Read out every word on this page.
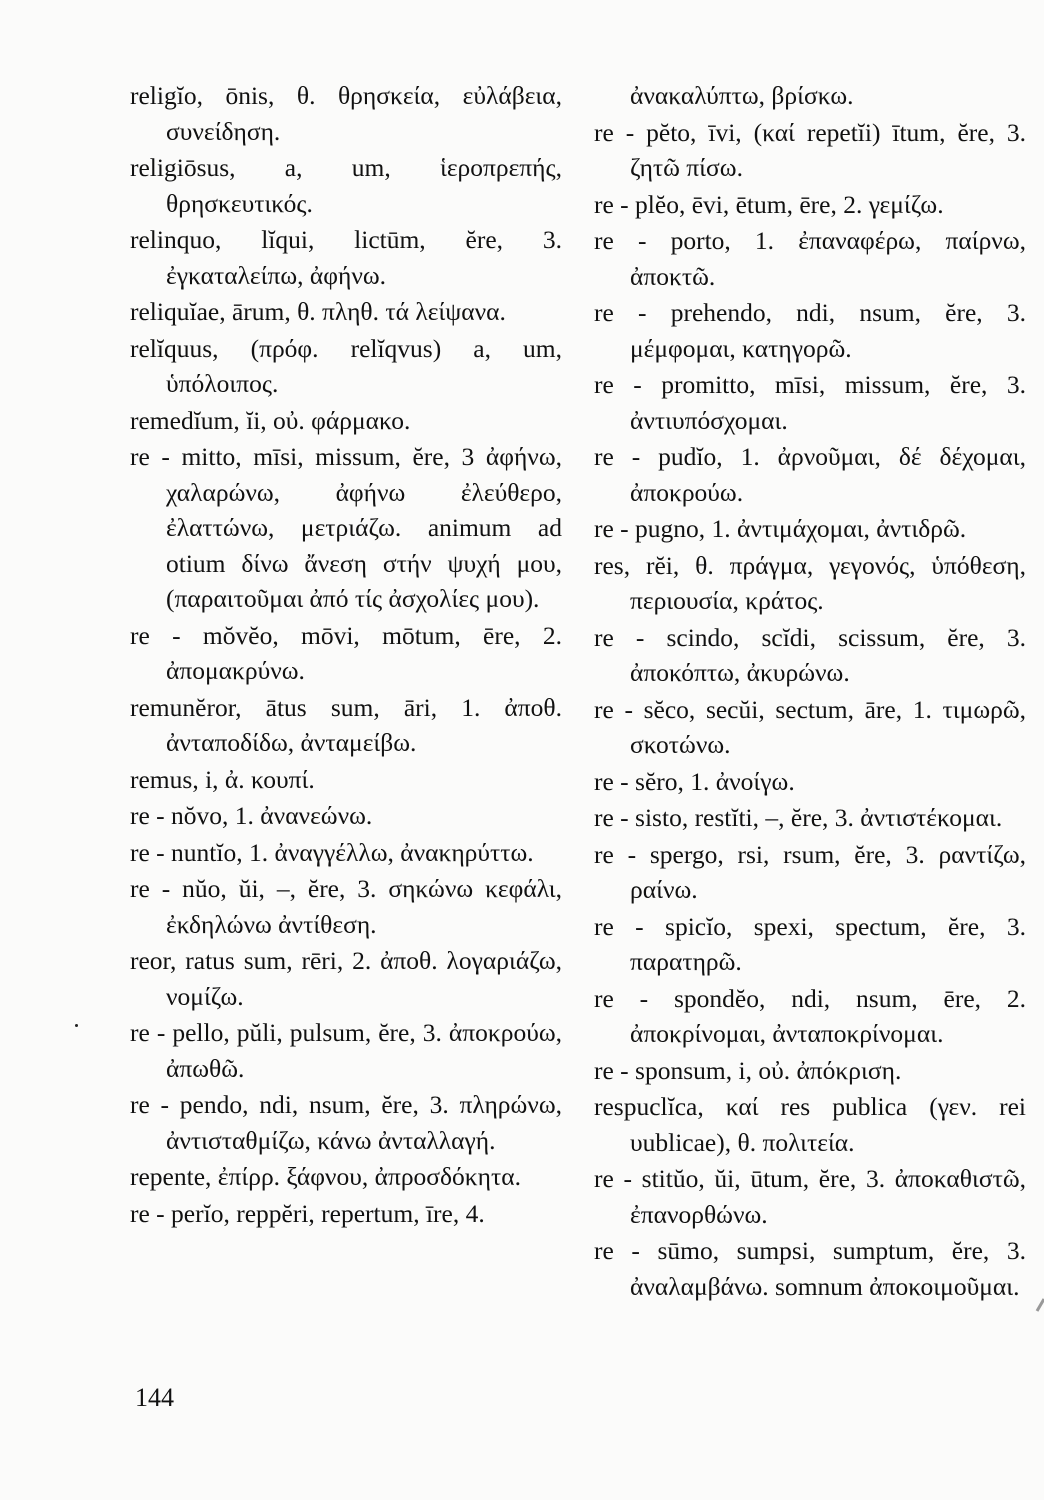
religĭo, ōnis, θ. θρησκεία, εὐλάβεια, συνείδηση.

religiōsus, a, um, ἱεροπρεπής, θρησκευτικός.

relinquo, lĭqui, lictūm, ĕre, 3. ἐγκαταλείπω, ἀφήνω.

reliquĭae, ārum, θ. πληθ. τά λείψανα.

relĭquus, (πρόφ. relĭqvus) a, um, ὑπόλοιπος.

remedĭum, ĭi, οὐ. φάρμακο.

re - mitto, mīsi, missum, ĕre, 3 ἀφήνω, χαλαρώνω, ἀφήνω ἐλεύθερο, ἐλαττώνω, μετριάζω. animum ad otium δίνω ἄνεση στήν ψυχή μου, (παραιτοῦμαι ἀπό τίς ἀσχολίες μου).

re - mŏvĕo, mōvi, mōtum, ēre, 2. ἀπομακρύνω.

remunĕror, ātus sum, āri, 1. ἀποθ. ἀνταποδίδω, ἀνταμείβω.

remus, i, ἀ. κουπί.

re - nŏvo, 1. ἀνανεώνω.

re - nuntĭo, 1. ἀναγγέλλω, ἀνακηρύττω.

re - nŭo, ŭi, –, ĕre, 3. σηκώνω κεφάλι, ἐκδηλώνω ἀντίθεση.

reor, ratus sum, rēri, 2. ἀποθ. λογαριάζω, νομίζω.

re - pello, pŭli, pulsum, ĕre, 3. ἀποκρούω, ἀπωθῶ.

re - pendo, ndi, nsum, ĕre, 3. πληρώνω, ἀντισταθμίζω, κάνω ἀνταλλαγή.

repente, ἐπίρρ. ξάφνου, ἀπροσδόκητα.

re - perĭo, reppĕri, repertum, īre, 4.

ἀνακαλύπτω, βρίσκω.

re - pĕto, īvi, (καί repetĭi) ītum, ĕre, 3. ζητῶ πίσω.

re - plĕo, ēvi, ētum, ēre, 2. γεμίζω.

re - porto, 1. ἐπαναφέρω, παίρνω, ἀποκτῶ.

re - prehendo, ndi, nsum, ĕre, 3. μέμφομαι, κατηγορῶ.

re - promitto, mīsi, missum, ĕre, 3. ἀντιυπόσχομαι.

re - pudĭo, 1. ἀρνοῦμαι, δέ δέχομαι, ἀποκρούω.

re - pugno, 1. ἀντιμάχομαι, ἀντιδρῶ.

res, rĕi, θ. πράγμα, γεγονός, ὑπόθεση, περιουσία, κράτος.

re - scindo, scĭdi, scissum, ĕre, 3. ἀποκόπτω, ἀκυρώνω.

re - sĕco, secŭi, sectum, āre, 1. τιμωρῶ, σκοτώνω.

re - sĕro, 1. ἀνοίγω.

re - sisto, restĭti, –, ĕre, 3. ἀντιστέκομαι.

re - spergo, rsi, rsum, ĕre, 3. ραντίζω, ραίνω.

re - spicĭo, spexi, spectum, ĕre, 3. παρατηρῶ.

re - spondĕo, ndi, nsum, ēre, 2. ἀποκρίνομαι, ἀνταποκρίνομαι.

re - sponsum, i, οὐ. ἀπόκριση.

respuclĭca, καί res publica (γεν. rei υublicae), θ. πολιτεία.

re - stitŭo, ŭi, ūtum, ĕre, 3. ἀποκαθιστῶ, ἐπανορθώνω.

re - sūmo, sumpsi, sumptum, ĕre, 3. ἀναλαμβάνω. somnum ἀποκοιμοῦμαι.

144
